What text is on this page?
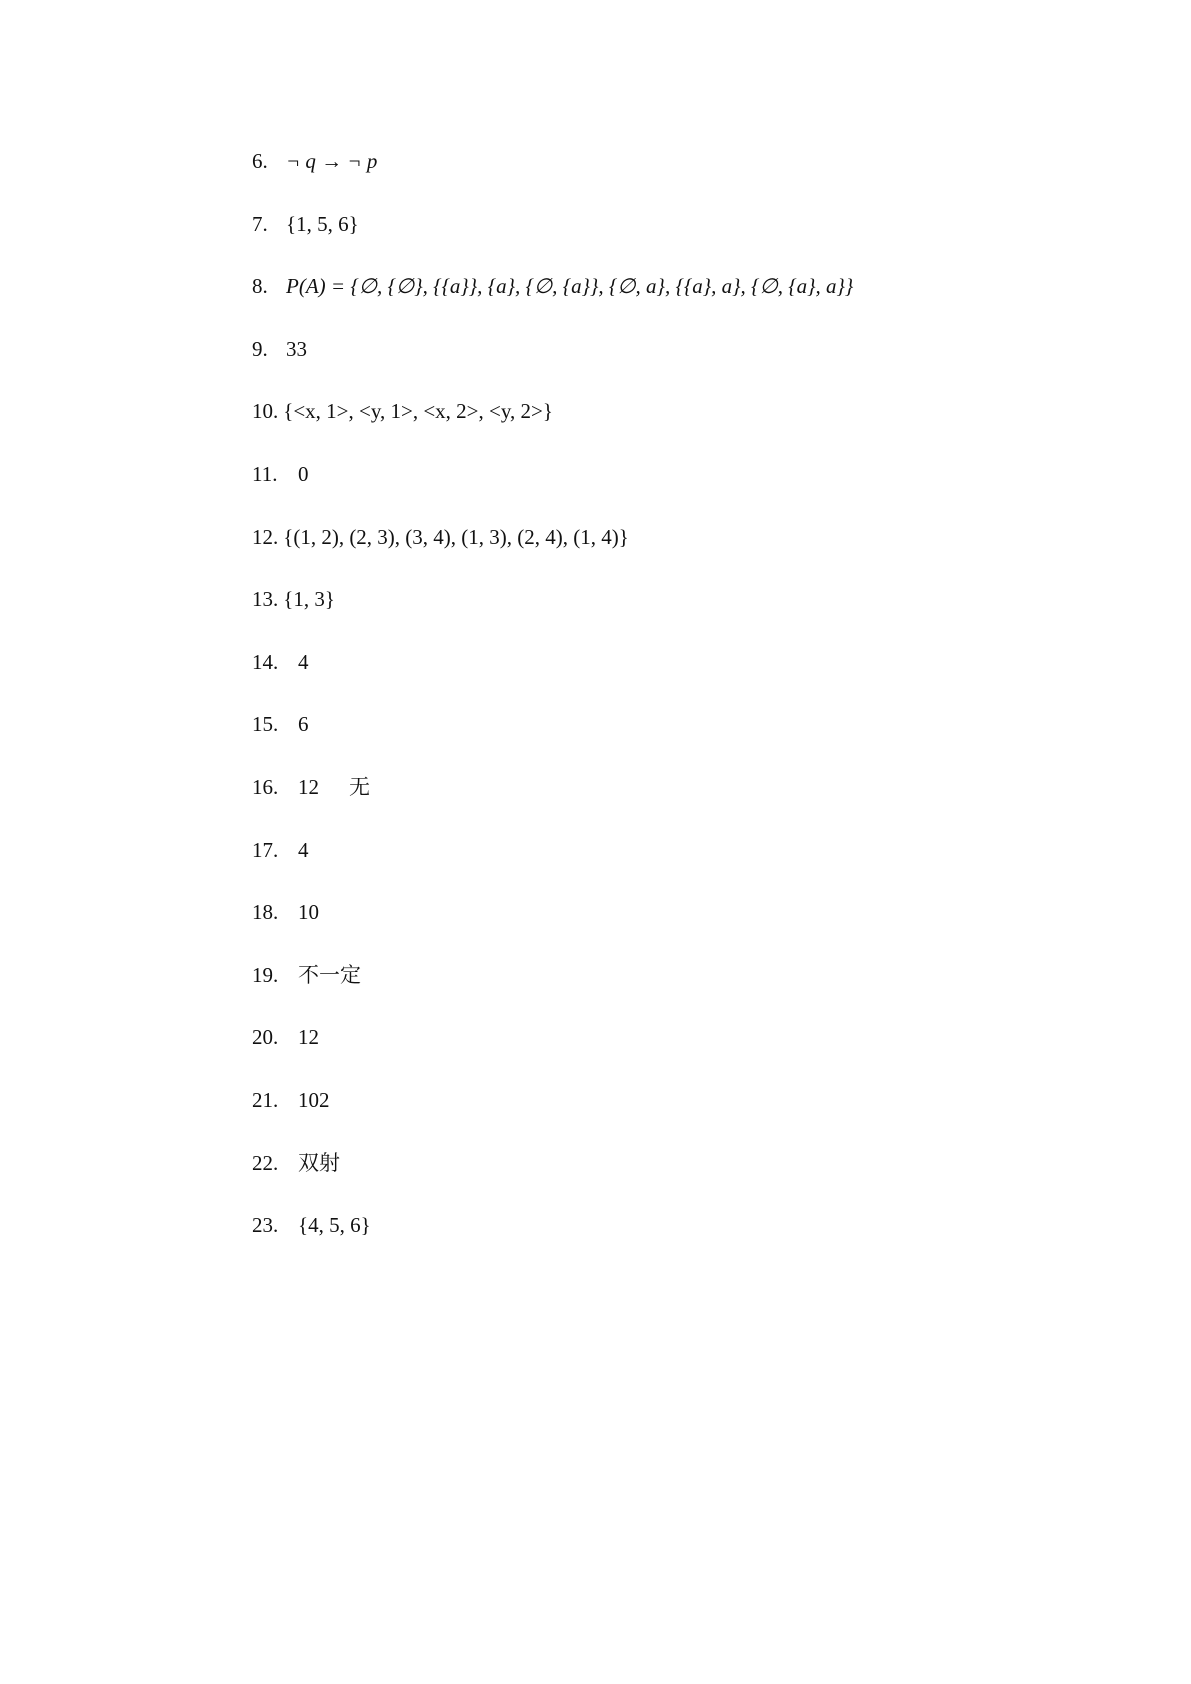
6. ¬ q → ¬ p
7. {1, 5, 6}
8. P(A) = {∅, {∅}, {{a}}, {a}, {∅, {a}}, {∅, a}, {{a}, a}, {∅, {a}, a}}
9. 33
10. {<x, 1>, <y, 1>, <x, 2>, <y, 2>}
11. 0
12. {(1, 2), (2, 3), (3, 4), (1, 3), (2, 4), (1, 4)}
13. {1, 3}
14. 4
15. 6
16. 12 无
17. 4
18. 10
19. 不一定
20. 12
21. 102
22. 双射
23. {4, 5, 6}
